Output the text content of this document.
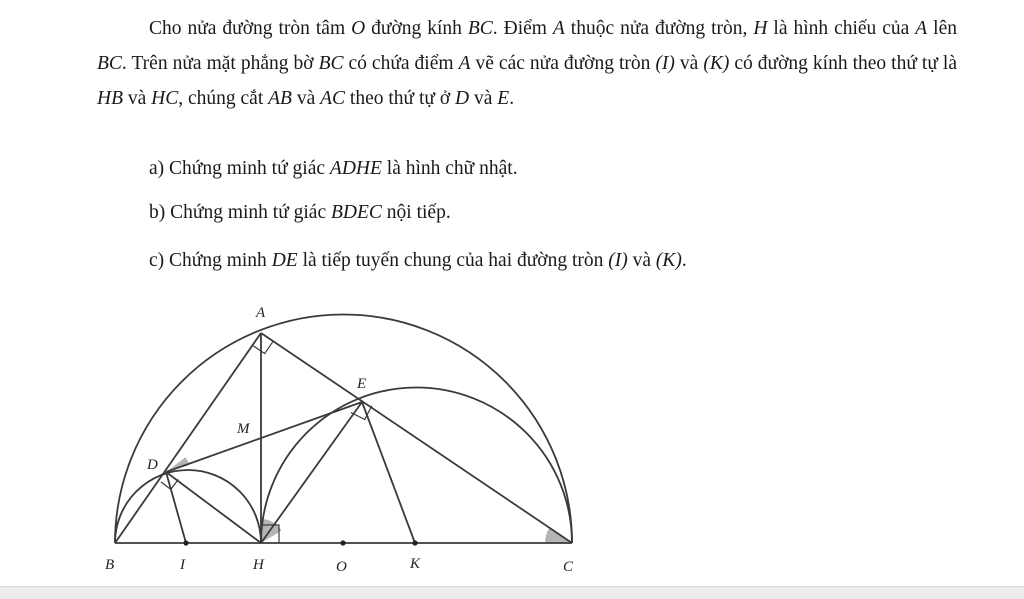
Cho nửa đường tròn tâm O đường kính BC. Điểm A thuộc nửa đường tròn, H là hình chiếu của A lên BC. Trên nửa mặt phẳng bờ BC có chứa điểm A vẽ các nửa đường tròn (I) và (K) có đường kính theo thứ tự là HB và HC, chúng cắt AB và AC theo thứ tự ở D và E.

a) Chứng minh tứ giác ADHE là hình chữ nhật.

b) Chứng minh tứ giác BDEC nội tiếp.

c) Chứng minh DE là tiếp tuyến chung của hai đường tròn (I) và (K).

A
E
M
D
B	I	H	O	K	C
